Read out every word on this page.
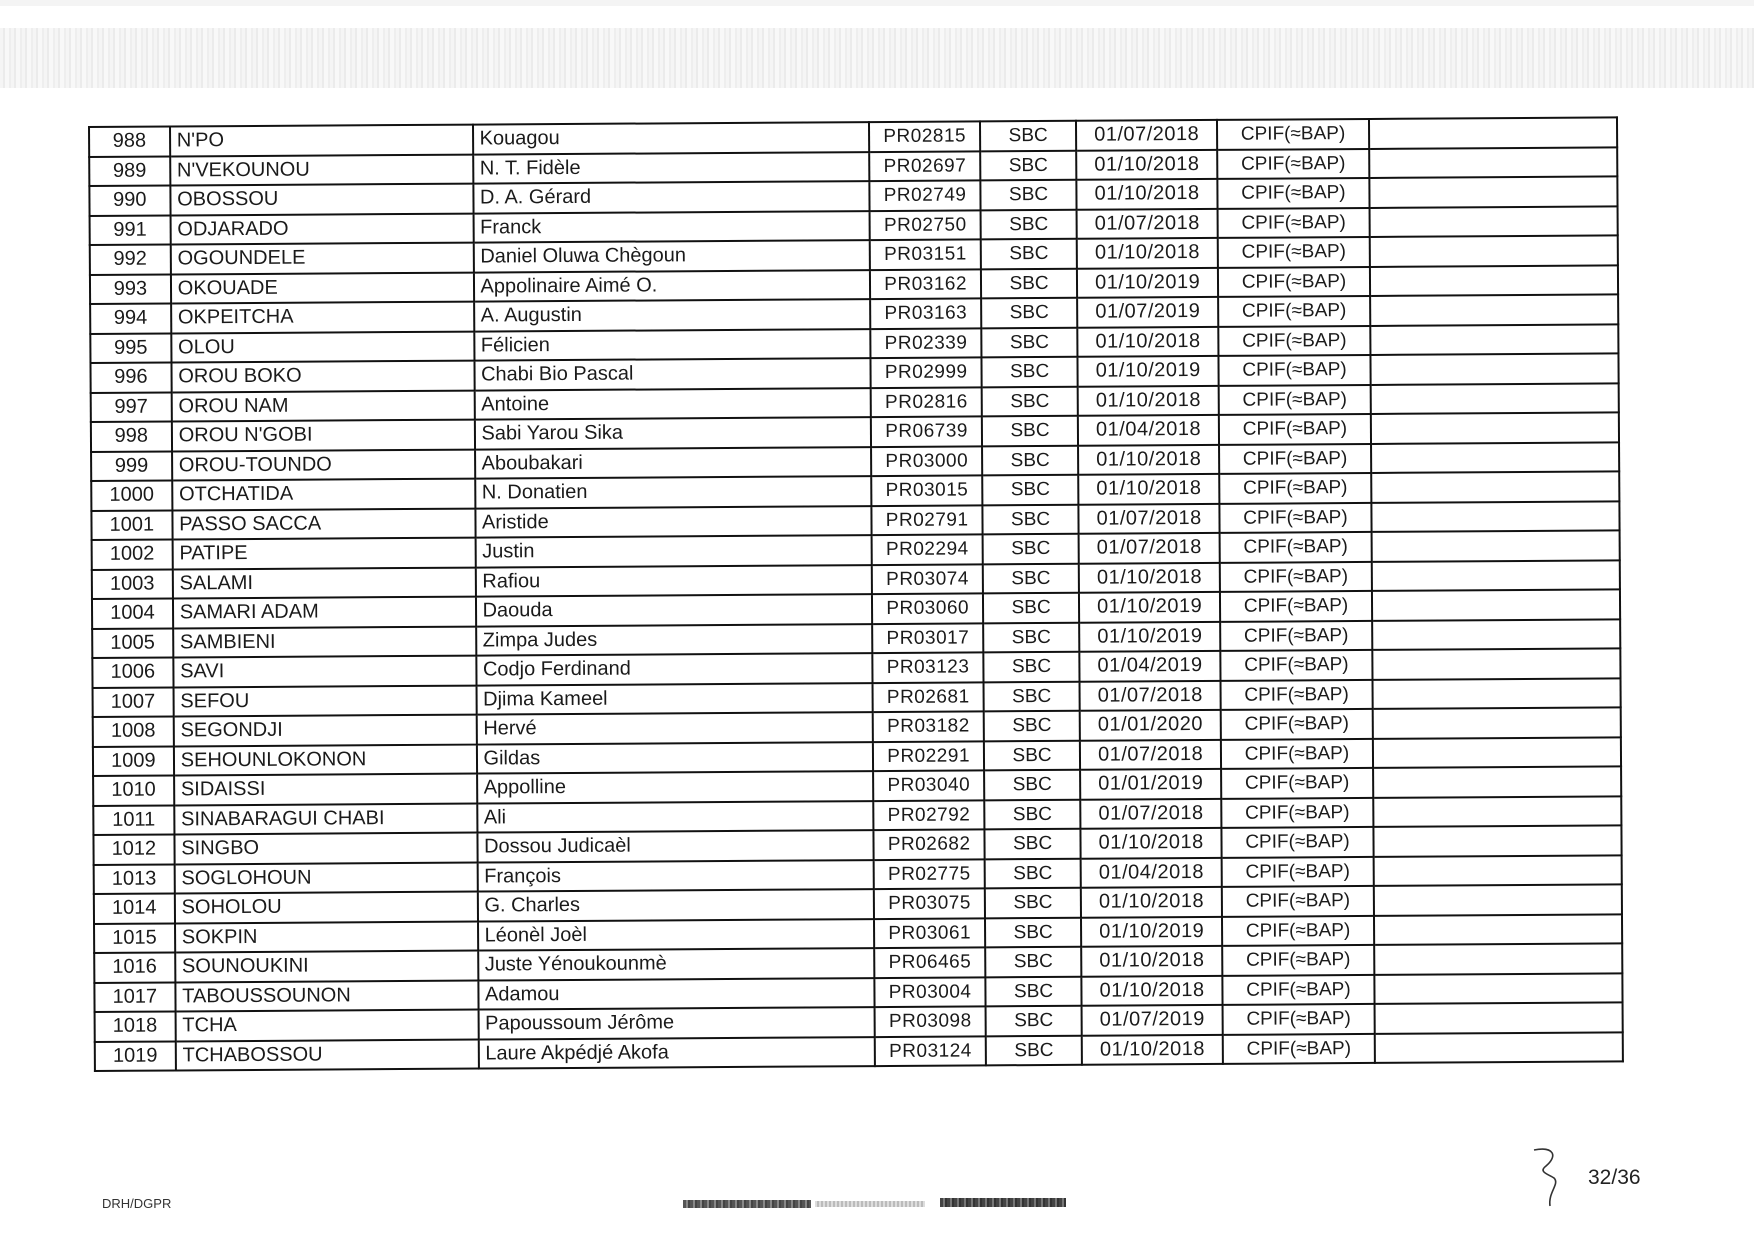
988	N'PO	Kouagou	PR02815	SBC	01/07/2018	CPIF(≈BAP)	
989	N'VEKOUNOU	N. T. Fidèle	PR02697	SBC	01/10/2018	CPIF(≈BAP)	
990	OBOSSOU	D. A. Gérard	PR02749	SBC	01/10/2018	CPIF(≈BAP)	
991	ODJARADO	Franck	PR02750	SBC	01/07/2018	CPIF(≈BAP)	
992	OGOUNDELE	Daniel Oluwa Chègoun	PR03151	SBC	01/10/2018	CPIF(≈BAP)	
993	OKOUADE	Appolinaire Aimé O.	PR03162	SBC	01/10/2019	CPIF(≈BAP)	
994	OKPEITCHA	A. Augustin	PR03163	SBC	01/07/2019	CPIF(≈BAP)	
995	OLOU	Félicien	PR02339	SBC	01/10/2018	CPIF(≈BAP)	
996	OROU BOKO	Chabi Bio Pascal	PR02999	SBC	01/10/2019	CPIF(≈BAP)	
997	OROU NAM	Antoine	PR02816	SBC	01/10/2018	CPIF(≈BAP)	
998	OROU N'GOBI	Sabi Yarou Sika	PR06739	SBC	01/04/2018	CPIF(≈BAP)	
999	OROU-TOUNDO	Aboubakari	PR03000	SBC	01/10/2018	CPIF(≈BAP)	
1000	OTCHATIDA	N. Donatien	PR03015	SBC	01/10/2018	CPIF(≈BAP)	
1001	PASSO SACCA	Aristide	PR02791	SBC	01/07/2018	CPIF(≈BAP)	
1002	PATIPE	Justin	PR02294	SBC	01/07/2018	CPIF(≈BAP)	
1003	SALAMI	Rafiou	PR03074	SBC	01/10/2018	CPIF(≈BAP)	
1004	SAMARI ADAM	Daouda	PR03060	SBC	01/10/2019	CPIF(≈BAP)	
1005	SAMBIENI	Zimpa Judes	PR03017	SBC	01/10/2019	CPIF(≈BAP)	
1006	SAVI	Codjo Ferdinand	PR03123	SBC	01/04/2019	CPIF(≈BAP)	
1007	SEFOU	Djima Kameel	PR02681	SBC	01/07/2018	CPIF(≈BAP)	
1008	SEGONDJI	Hervé	PR03182	SBC	01/01/2020	CPIF(≈BAP)	
1009	SEHOUNLOKONON	Gildas	PR02291	SBC	01/07/2018	CPIF(≈BAP)	
1010	SIDAISSI	Appolline	PR03040	SBC	01/01/2019	CPIF(≈BAP)	
1011	SINABARAGUI CHABI	Ali	PR02792	SBC	01/07/2018	CPIF(≈BAP)	
1012	SINGBO	Dossou Judicaèl	PR02682	SBC	01/10/2018	CPIF(≈BAP)	
1013	SOGLOHOUN	François	PR02775	SBC	01/04/2018	CPIF(≈BAP)	
1014	SOHOLOU	G. Charles	PR03075	SBC	01/10/2018	CPIF(≈BAP)	
1015	SOKPIN	Léonèl Joèl	PR03061	SBC	01/10/2019	CPIF(≈BAP)	
1016	SOUNOUKINI	Juste Yénoukounmè	PR06465	SBC	01/10/2018	CPIF(≈BAP)	
1017	TABOUSSOUNON	Adamou	PR03004	SBC	01/10/2018	CPIF(≈BAP)	
1018	TCHA	Papoussoum Jérôme	PR03098	SBC	01/07/2019	CPIF(≈BAP)	
1019	TCHABOSSOU	Laure Akpédjé Akofa	PR03124	SBC	01/10/2018	CPIF(≈BAP)	
DRH/DGPR
32/36
